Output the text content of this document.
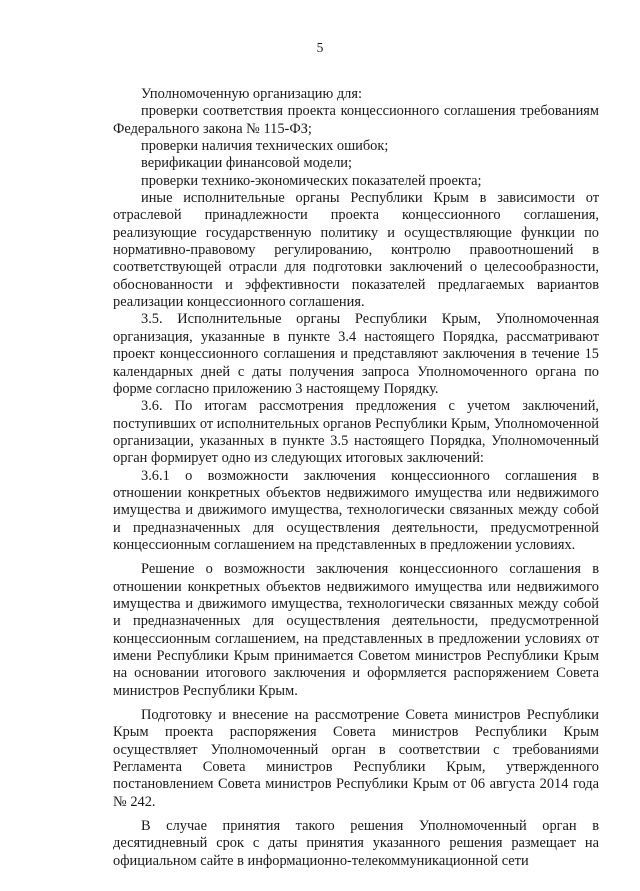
5

Уполномоченную организацию для:

проверки соответствия проекта концессионного соглашения требованиям Федерального закона № 115-ФЗ;

проверки наличия технических ошибок;

верификации финансовой модели;

проверки технико-экономических показателей проекта;

иные исполнительные органы Республики Крым в зависимости от отраслевой принадлежности проекта концессионного соглашения, реализующие государственную политику и осуществляющие функции по нормативно-правовому регулированию, контролю правоотношений в соответствующей отрасли для подготовки заключений о целесообразности, обоснованности и эффективности показателей предлагаемых вариантов реализации концессионного соглашения.

3.5. Исполнительные органы Республики Крым, Уполномоченная организация, указанные в пункте 3.4 настоящего Порядка, рассматривают проект концессионного соглашения и представляют заключения в течение 15 календарных дней с даты получения запроса Уполномоченного органа по форме согласно приложению 3 настоящему Порядку.

3.6. По итогам рассмотрения предложения с учетом заключений, поступивших от исполнительных органов Республики Крым, Уполномоченной организации, указанных в пункте 3.5 настоящего Порядка, Уполномоченный орган формирует одно из следующих итоговых заключений:

3.6.1 о возможности заключения концессионного соглашения в отношении конкретных объектов недвижимого имущества или недвижимого имущества и движимого имущества, технологически связанных между собой и предназначенных для осуществления деятельности, предусмотренной концессионным соглашением на представленных в предложении условиях.

Решение о возможности заключения концессионного соглашения в отношении конкретных объектов недвижимого имущества или недвижимого имущества и движимого имущества, технологически связанных между собой и предназначенных для осуществления деятельности, предусмотренной концессионным соглашением, на представленных в предложении условиях от имени Республики Крым принимается Советом министров Республики Крым на основании итогового заключения и оформляется распоряжением Совета министров Республики Крым.

Подготовку и внесение на рассмотрение Совета министров Республики Крым проекта распоряжения Совета министров Республики Крым осуществляет Уполномоченный орган в соответствии с требованиями Регламента Совета министров Республики Крым, утвержденного постановлением Совета министров Республики Крым от 06 августа 2014 года № 242.

В случае принятия такого решения Уполномоченный орган в десятидневный срок с даты принятия указанного решения размещает на официальном сайте в информационно-телекоммуникационной сети
